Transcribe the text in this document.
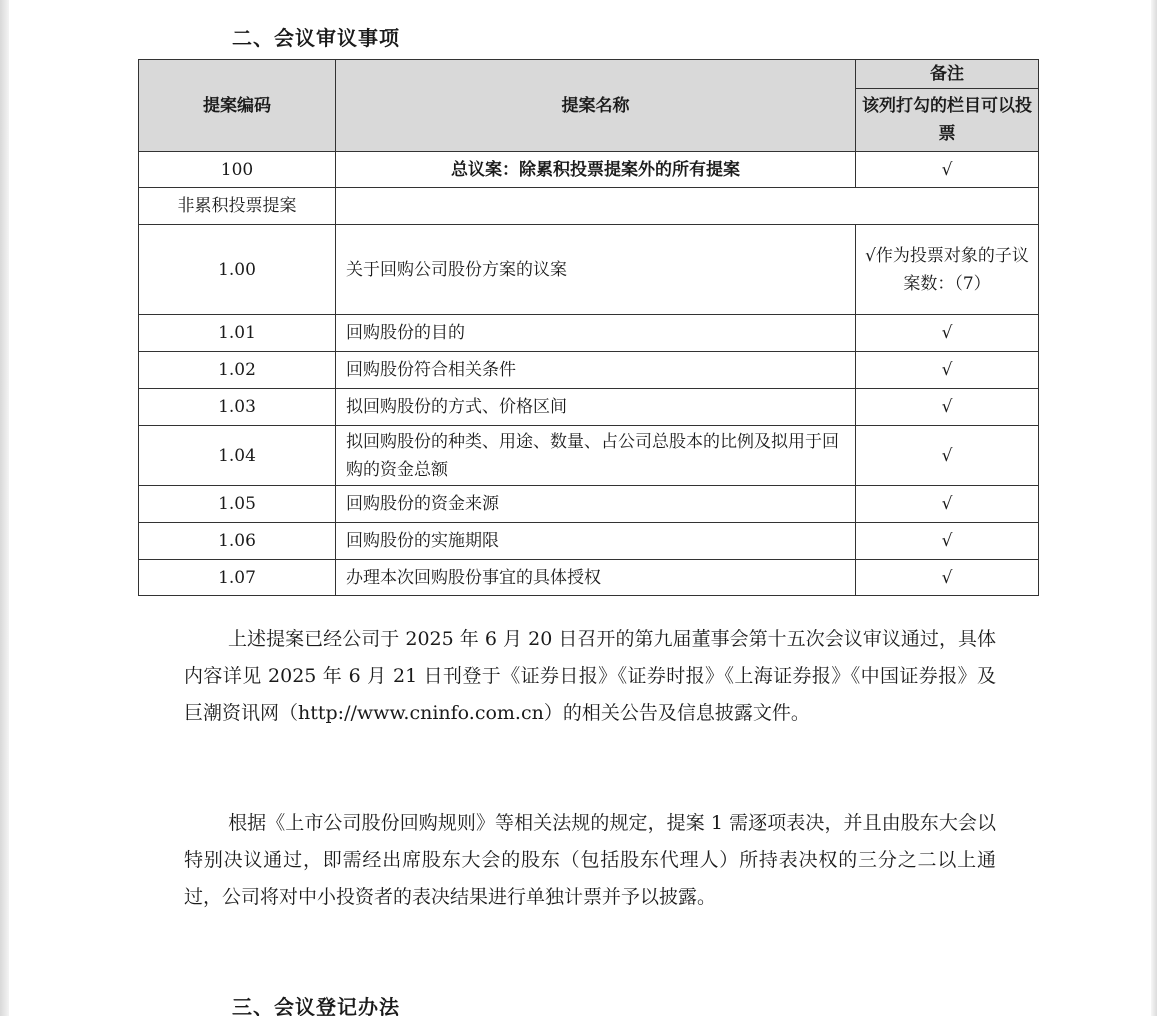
二、会议审议事项
提案编码	提案名称	备注
		该列打勾的栏目可以投票
100	总议案：除累积投票提案外的所有提案	√
非累积投票提案		
1.00	关于回购公司股份方案的议案	√作为投票对象的子议案数：（7）
1.01	回购股份的目的	√
1.02	回购股份符合相关条件	√
1.03	拟回购股份的方式、价格区间	√
1.04	拟回购股份的种类、用途、数量、占公司总股本的比例及拟用于回购的资金总额	√
1.05	回购股份的资金来源	√
1.06	回购股份的实施期限	√
1.07	办理本次回购股份事宜的具体授权	√
上述提案已经公司于 2025 年 6 月 20 日召开的第九届董事会第十五次会议审议通过，具体内容详见 2025 年 6 月 21 日刊登于《证券日报》《证券时报》《上海证券报》《中国证券报》及巨潮资讯网（http://www.cninfo.com.cn）的相关公告及信息披露文件。
根据《上市公司股份回购规则》等相关法规的规定，提案 1 需逐项表决，并且由股东大会以特别决议通过，即需经出席股东大会的股东（包括股东代理人）所持表决权的三分之二以上通过，公司将对中小投资者的表决结果进行单独计票并予以披露。
三、会议登记办法
